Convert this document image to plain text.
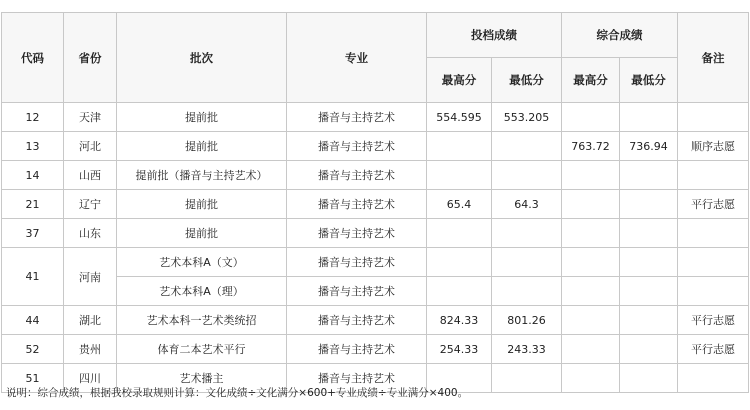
代码	省份	批次	专业	投档成绩		综合成绩		备注
				最高分	最低分	最高分	最低分	
12	天津	提前批	播音与主持艺术	554.595	553.205			
13	河北	提前批	播音与主持艺术			763.72	736.94	顺序志愿
14	山西	提前批（播音与主持艺术）	播音与主持艺术					
21	辽宁	提前批	播音与主持艺术	65.4	64.3			平行志愿
37	山东	提前批	播音与主持艺术					
41	河南	艺术本科A（文）	播音与主持艺术					
		艺术本科A（理）	播音与主持艺术					
44	湖北	艺术本科一艺术类统招	播音与主持艺术	824.33	801.26			平行志愿
52	贵州	体育二本艺术平行	播音与主持艺术	254.33	243.33			平行志愿
51	四川	艺术播主	播音与主持艺术					
说明：综合成绩，根据我校录取规则计算：文化成绩÷文化满分×600+专业成绩÷专业满分×400。
